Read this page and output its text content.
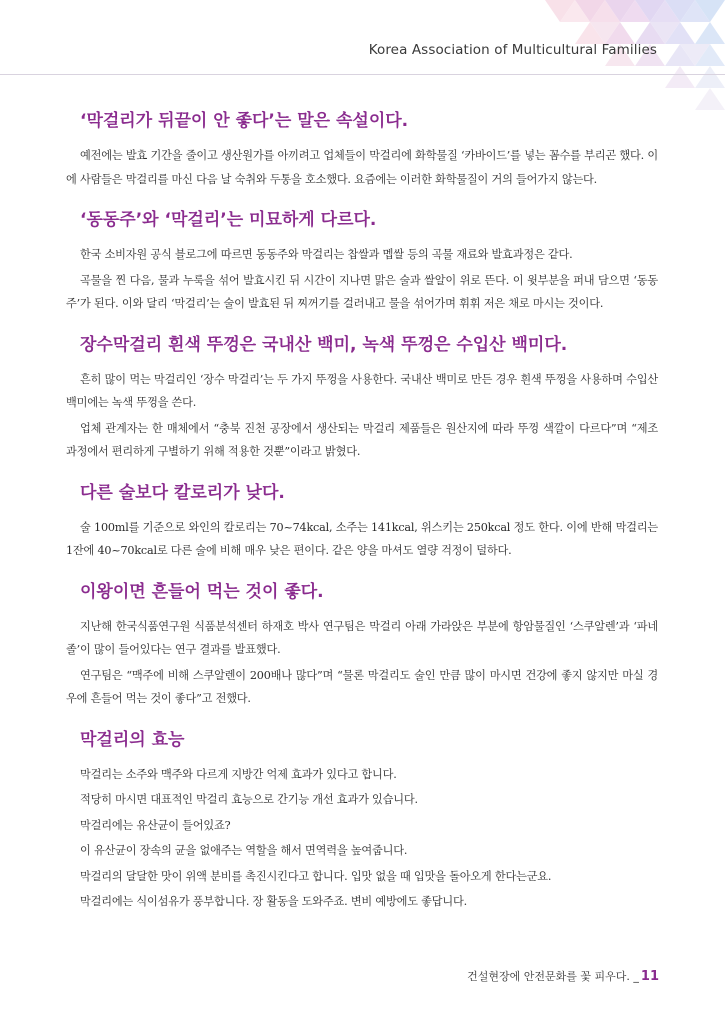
Korea Association of Multicultural Families
‘막걸리가 뒤끝이 안 좋다’는 말은 속설이다.

예전에는 발효 기간을 줄이고 생산원가를 아끼려고 업체들이 막걸리에 화학물질 ‘카바이드’를 넣는 꼼수를 부리곤 했다. 이에 사람들은 막걸리를 마신 다음 날 숙취와 두통을 호소했다. 요즘에는 이러한 화학물질이 거의 들어가지 않는다.

‘동동주’와 ‘막걸리’는 미묘하게 다르다.

한국 소비자원 공식 블로그에 따르면 동동주와 막걸리는 찹쌀과 멥쌀 등의 곡물 재료와 발효과정은 같다.

곡물을 찐 다음, 물과 누룩을 섞어 발효시킨 뒤 시간이 지나면 맑은 술과 쌀알이 위로 뜬다. 이 윗부분을 퍼내 담으면 ‘동동주’가 된다. 이와 달리 ‘막걸리’는 술이 발효된 뒤 찌꺼기를 걸러내고 물을 섞어가며 휘휘 저은 채로 마시는 것이다.

장수막걸리 흰색 뚜껑은 국내산 백미, 녹색 뚜껑은 수입산 백미다.

흔히 많이 먹는 막걸리인 ‘장수 막걸리’는 두 가지 뚜껑을 사용한다. 국내산 백미로 만든 경우 흰색 뚜껑을 사용하며 수입산 백미에는 녹색 뚜껑을 쓴다.

업체 관계자는 한 매체에서 “충북 진천 공장에서 생산되는 막걸리 제품들은 원산지에 따라 뚜껑 색깔이 다르다”며 “제조 과정에서 편리하게 구별하기 위해 적용한 것뿐”이라고 밝혔다.

다른 술보다 칼로리가 낮다.

술 100ml를 기준으로 와인의 칼로리는 70~74kcal, 소주는 141kcal, 위스키는 250kcal 정도 한다. 이에 반해 막걸리는 1잔에 40~70kcal로 다른 술에 비해 매우 낮은 편이다. 같은 양을 마셔도 열량 걱정이 덜하다.

이왕이면 흔들어 먹는 것이 좋다.

지난해 한국식품연구원 식품분석센터 하재호 박사 연구팀은 막걸리 아래 가라앉은 부분에 항암물질인 ‘스쿠알렌’과 ‘파네졸’이 많이 들어있다는 연구 결과를 발표했다.

연구팀은 “맥주에 비해 스쿠알렌이 200배나 많다”며 “물론 막걸리도 술인 만큼 많이 마시면 건강에 좋지 않지만 마실 경우에 흔들어 먹는 것이 좋다”고 전했다.

막걸리의 효능

막걸리는 소주와 맥주와 다르게 지방간 억제 효과가 있다고 합니다.

적당히 마시면 대표적인 막걸리 효능으로 간기능 개선 효과가 있습니다.

막걸리에는 유산균이 들어있죠?

이 유산균이 장속의 균을 없애주는 역할을 해서 면역력을 높여줍니다.

막걸리의 달달한 맛이 위액 분비를 촉진시킨다고 합니다. 입맛 없을 때 입맛을 돌아오게 한다는군요.

막걸리에는 식이섬유가 풍부합니다. 장 활동을 도와주죠. 변비 예방에도 좋답니다.

건설현장에 안전문화를 꽃 피우다. _ 11
